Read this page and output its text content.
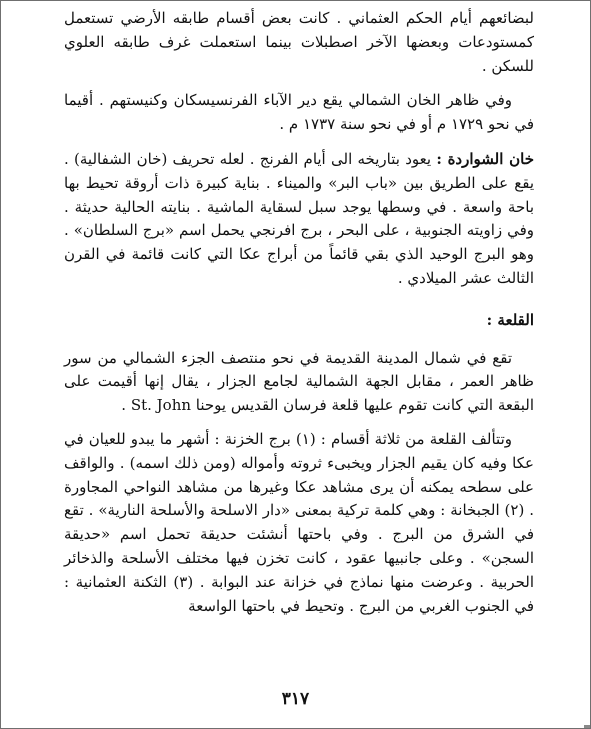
لبضائعهم أيام الحكم العثماني . كانت بعض أقسام طابقه الأرضي تستعمل كمستودعات وبعضها الآخر اصطبلات بينما استعملت غرف طابقه العلوي للسكن .

وفي ظاهر الخان الشمالي يقع دير الآباء الفرنسيسكان وكنيستهم . أقيما في نحو ١٧٢٩ م أو في نحو سنة ١٧٣٧ م .

خان الشواردة : يعود بتاريخه الى أيام الفرنج . لعله تحريف (خان الشفالية) . يقع على الطريق بين «باب البر» والميناء . بناية كبيرة ذات أروقة تحيط بها باحة واسعة . في وسطها يوجد سبل لسقاية الماشية . بنايته الحالية حديثة . وفي زاويته الجنوبية ، على البحر ، برج افرنجي يحمل اسم «برج السلطان» . وهو البرج الوحيد الذي بقي قائماً من أبراج عكا التي كانت قائمة في القرن الثالث عشر الميلادي .

القلعة :

تقع في شمال المدينة القديمة في نحو منتصف الجزء الشمالي من سور ظاهر العمر ، مقابل الجهة الشمالية لجامع الجزار ، يقال إنها أقيمت على البقعة التي كانت تقوم عليها قلعة فرسان القديس يوحنا St. John .

وتتألف القلعة من ثلاثة أقسام : (١) برج الخزنة : أشهر ما يبدو للعيان في عكا وفيه كان يقيم الجزار ويخبىء ثروته وأمواله (ومن ذلك اسمه) . والواقف على سطحه يمكنه أن يرى مشاهد عكا وغيرها من مشاهد النواحي المجاورة . (٢) الجبخانة : وهي كلمة تركية بمعنى «دار الاسلحة والأسلحة النارية» . تقع في الشرق من البرج . وفي باحتها أنشئت حديقة تحمل اسم «حديقة السجن» . وعلى جانبيها عقود ، كانت تخزن فيها مختلف الأسلحة والذخائر الحربية . وعرضت منها نماذج في خزانة عند البوابة . (٣) الثكنة العثمانية : في الجنوب الغربي من البرج . وتحيط في باحتها الواسعة

٣١٧
